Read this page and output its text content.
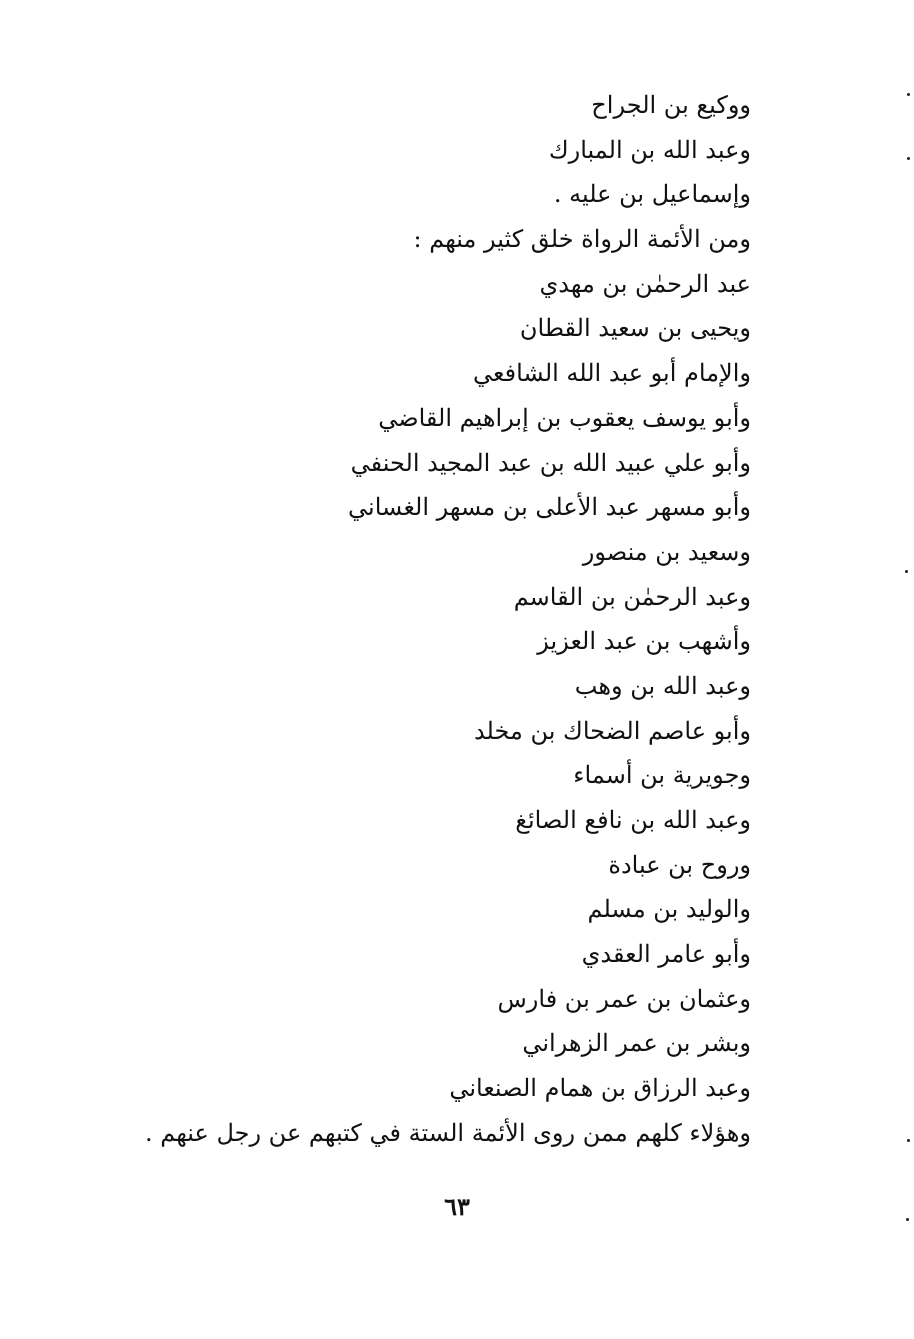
ووكيع بن الجراح
وعبد الله بن المبارك
وإسماعيل بن عليه .
ومن الأئمة الرواة خلق كثير منهم :
عبد الرحمٰن بن مهدي
ويحيى بن سعيد القطان
والإمام أبو عبد الله الشافعي
وأبو يوسف يعقوب بن إبراهيم القاضي
وأبو علي عبيد الله بن عبد المجيد الحنفي
وأبو مسهر عبد الأعلى بن مسهر الغساني
وسعيد بن منصور
وعبد الرحمٰن بن القاسم
وأشهب بن عبد العزيز
وعبد الله بن وهب
وأبو عاصم الضحاك بن مخلد
وجويرية بن أسماء
وعبد الله بن نافع الصائغ
وروح بن عبادة
والوليد بن مسلم
وأبو عامر العقدي
وعثمان بن عمر بن فارس
وبشر بن عمر الزهراني
وعبد الرزاق بن همام الصنعاني
وهؤلاء كلهم ممن روى الأئمة الستة في كتبهم عن رجل عنهم .
٦٣
